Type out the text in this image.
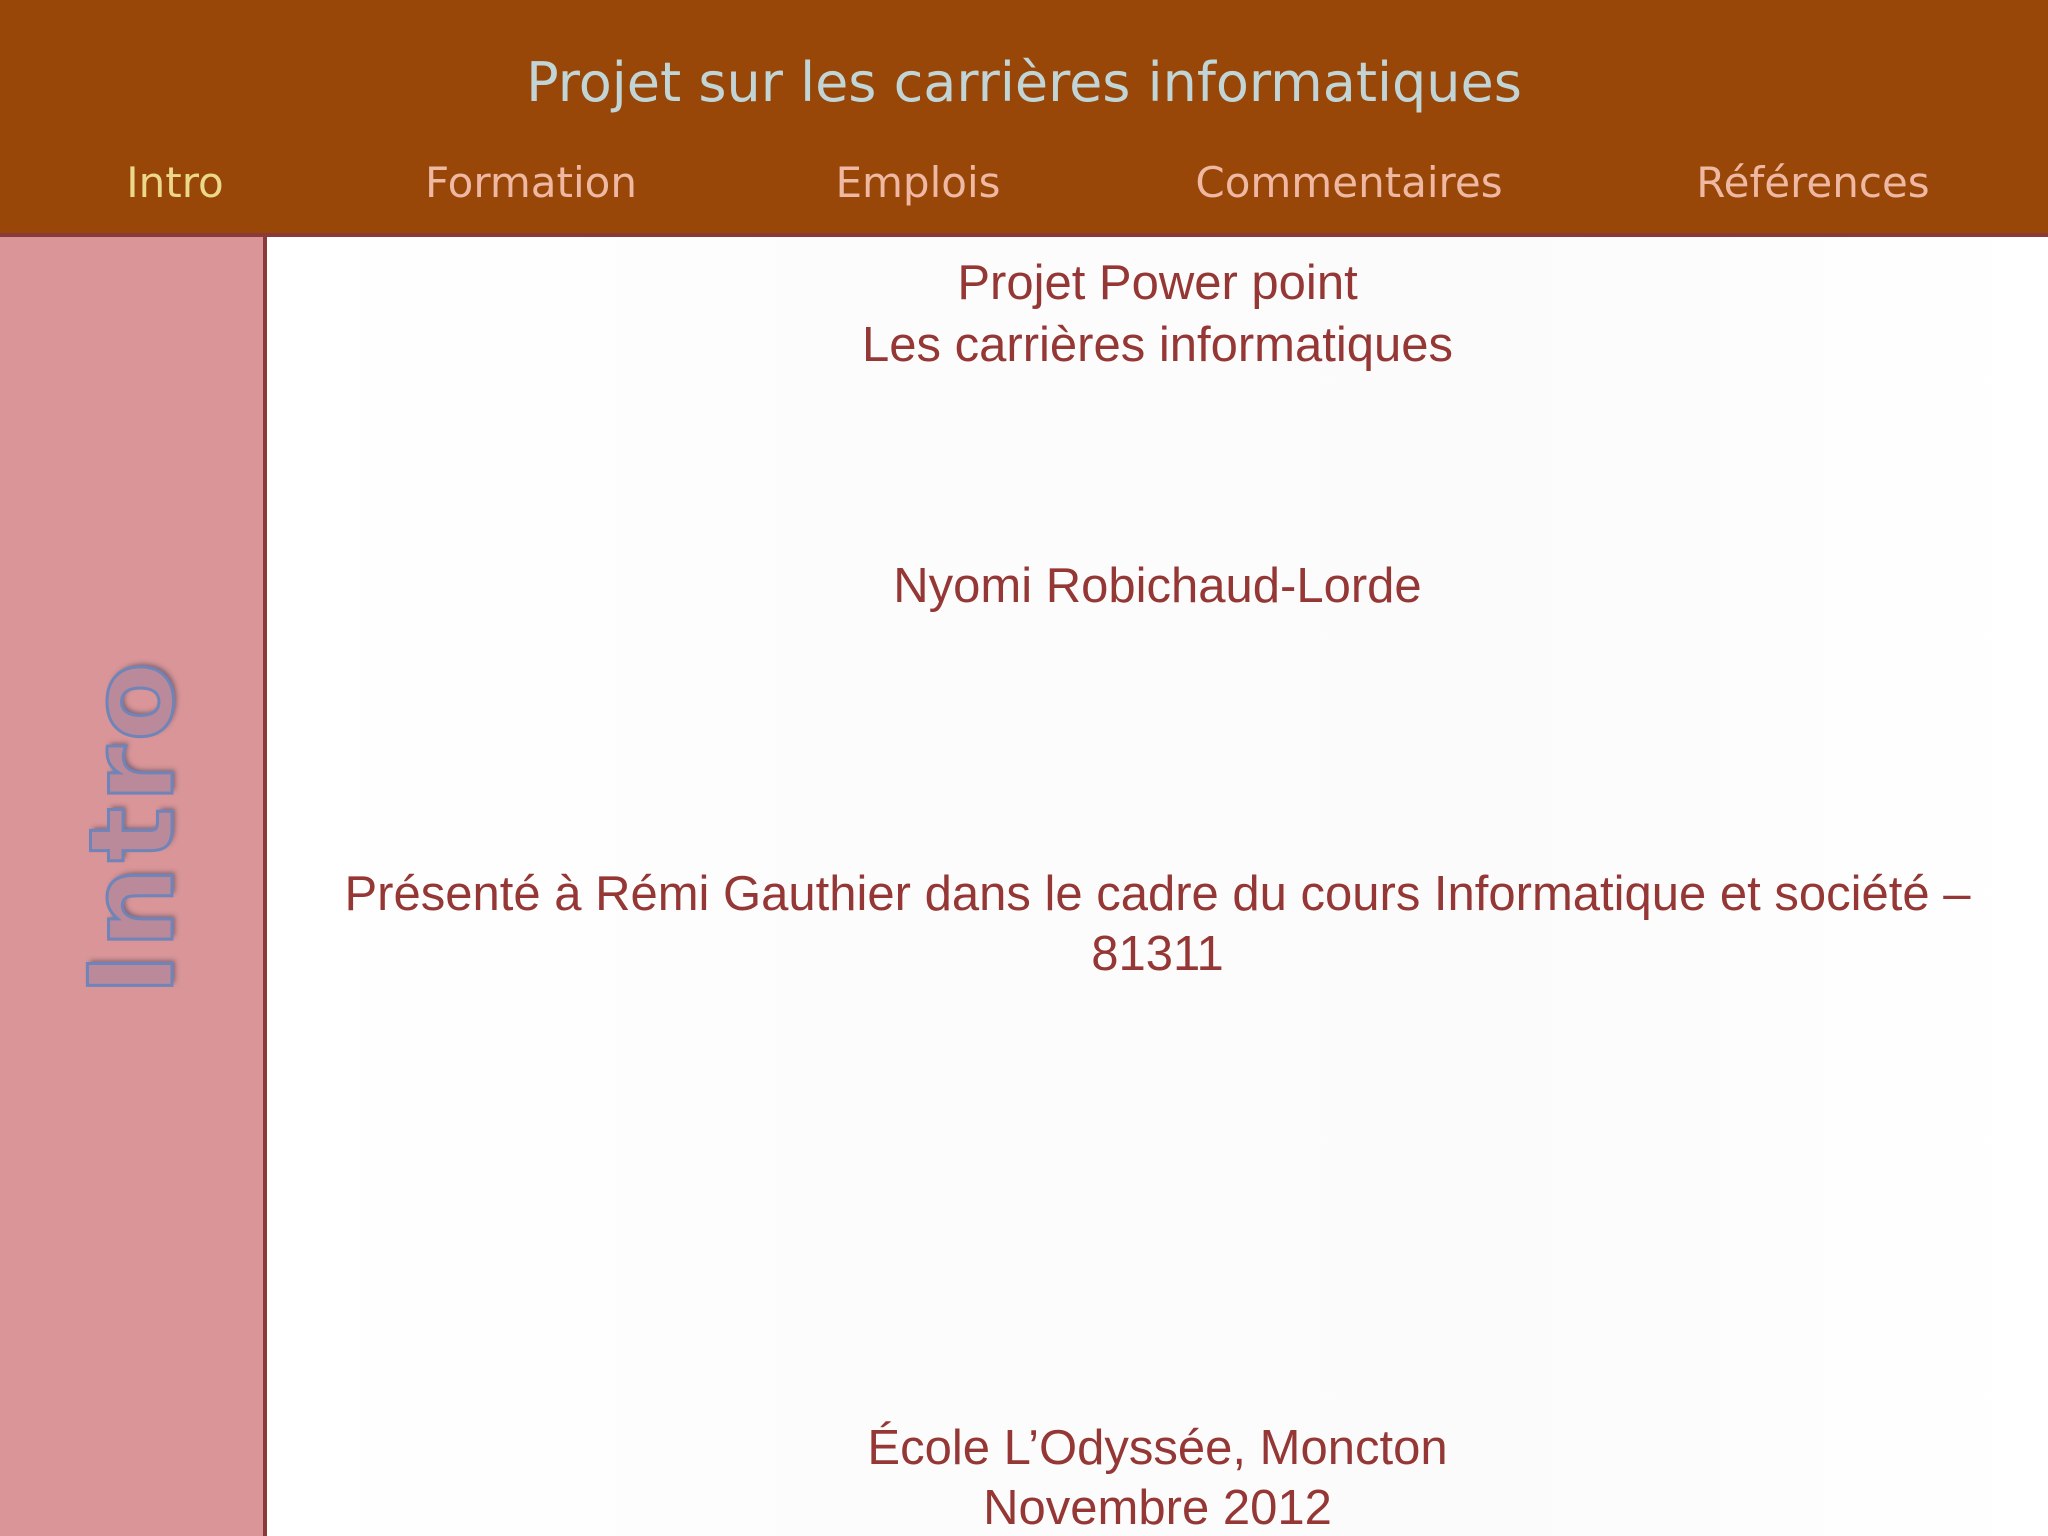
Projet sur les carrières informatiques
Intro	Formation	Emplois	Commentaires	Références
Intro
Projet Power point
Les carrières informatiques
Nyomi Robichaud-Lorde
Présenté à Rémi Gauthier dans le cadre du cours Informatique et société –
81311
École L’Odyssée, Moncton
Novembre 2012
